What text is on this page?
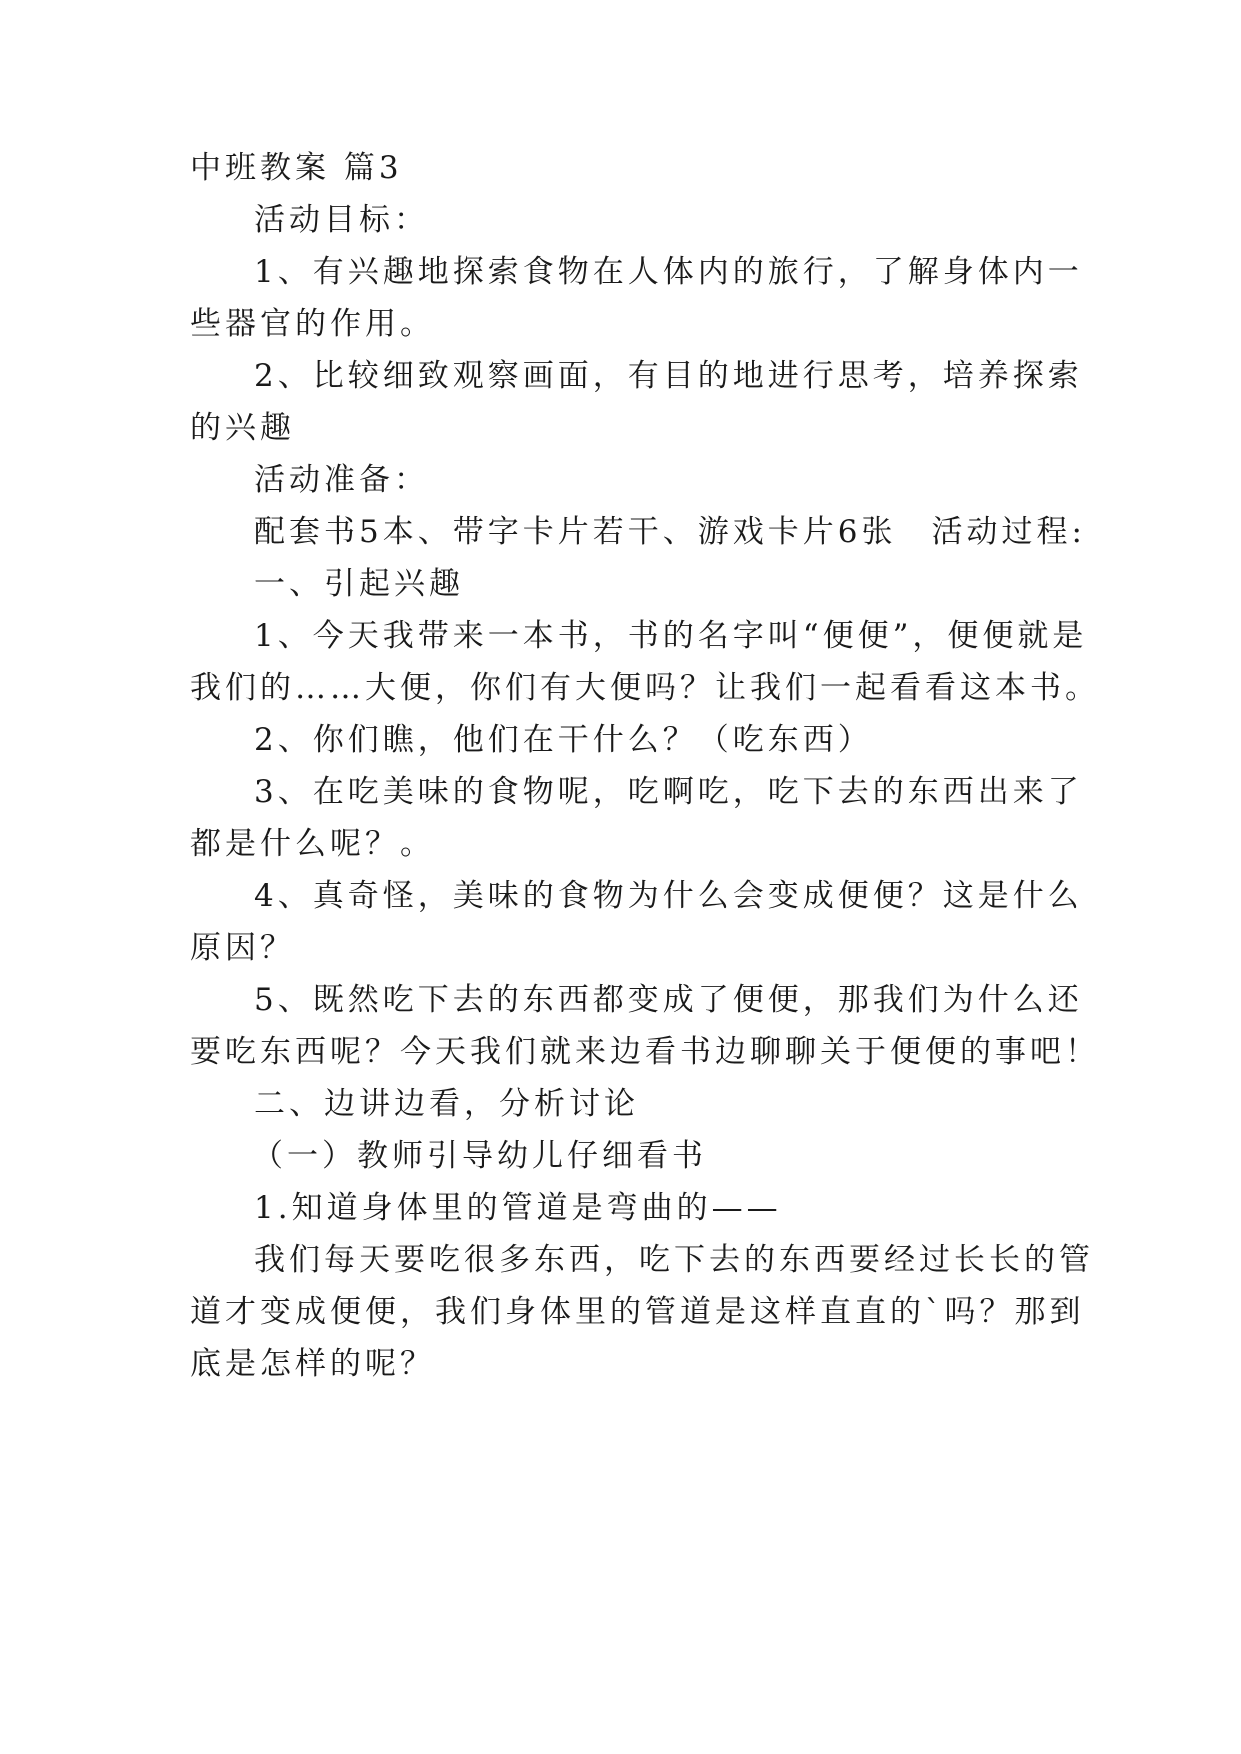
中班教案 篇3
活动目标：
1、有兴趣地探索食物在人体内的旅行，了解身体内一
些器官的作用。
2、比较细致观察画面，有目的地进行思考，培养探索
的兴趣
活动准备：
配套书5本、带字卡片若干、游戏卡片6张　活动过程:
一、引起兴趣
1、今天我带来一本书，书的名字叫“便便”，便便就是
我们的……大便，你们有大便吗？让我们一起看看这本书。
2、你们瞧，他们在干什么？（吃东西）
3、在吃美味的食物呢，吃啊吃，吃下去的东西出来了
都是什么呢？。
4、真奇怪，美味的食物为什么会变成便便？这是什么
原因？
5、既然吃下去的东西都变成了便便，那我们为什么还
要吃东西呢？今天我们就来边看书边聊聊关于便便的事吧！
二、边讲边看，分析讨论
（一）教师引导幼儿仔细看书
1.知道身体里的管道是弯曲的——
我们每天要吃很多东西，吃下去的东西要经过长长的管
道才变成便便，我们身体里的管道是这样直直的`吗？那到
底是怎样的呢？
